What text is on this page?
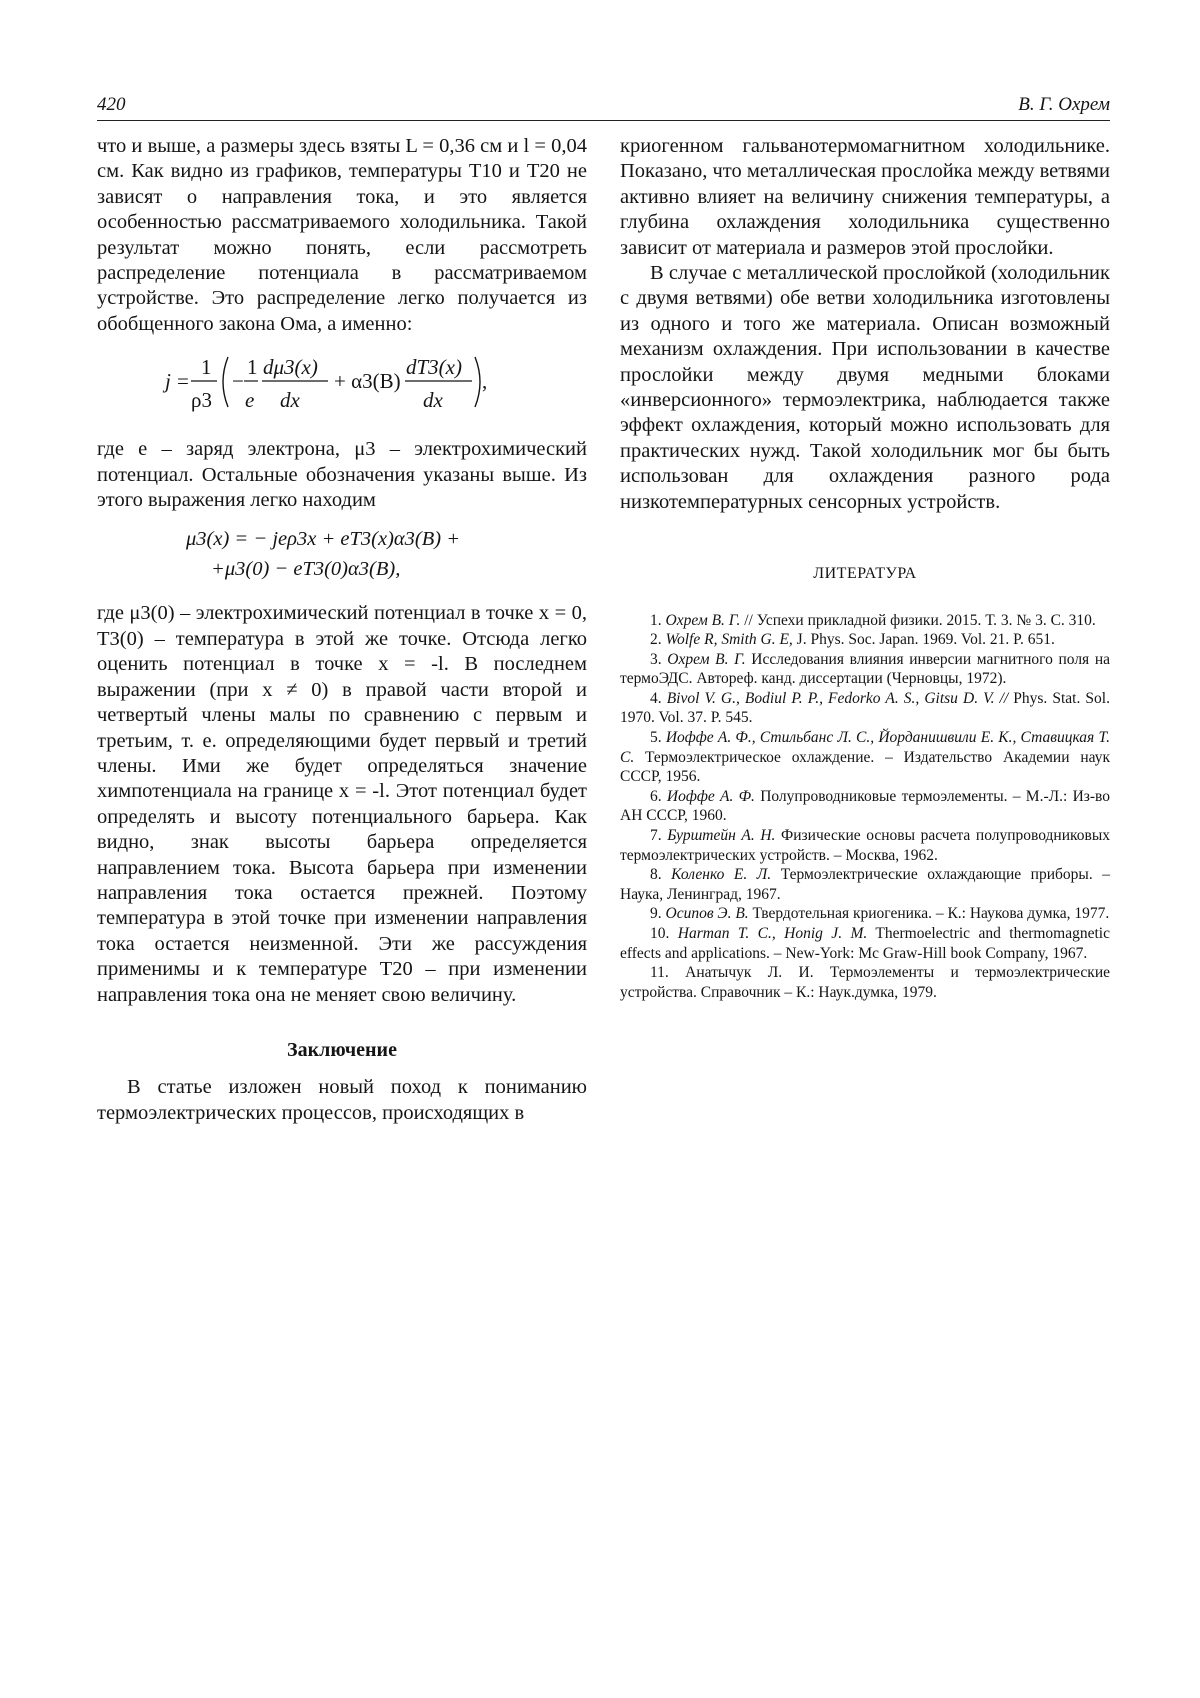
420	В. Г. Охрем

что и выше, а размеры здесь взяты L = 0,36 см и l = 0,04 см. Как видно из графиков, температуры T10 и T20 не зависят о направления тока, и это является особенностью рассматриваемого холодильника. Такой результат можно понять, если рассмотреть распределение потенциала в рассматриваемом устройстве. Это распределение легко получается из обобщенного закона Ома, а именно:

j =
1
ρ3
−
1
e
dμ3(x)
dx
+ α3(B)
dT3(x)
dx
,

где e – заряд электрона, μ3 – электрохимический потенциал. Остальные обозначения указаны выше. Из этого выражения легко находим

μ3(x) = − jeρ3x + eT3(x)α3(B) +
+μ3(0) − eT3(0)α3(B),

где μ3(0) – электрохимический потенциал в точке x = 0, T3(0) – температура в этой же точке. Отсюда легко оценить потенциал в точке x = -l. В последнем выражении (при x ≠ 0) в правой части второй и четвертый члены малы по сравнению с первым и третьим, т. е. определяющими будет первый и третий члены. Ими же будет определяться значение химпотенциала на границе x = -l. Этот потенциал будет определять и высоту потенциального барьера. Как видно, знак высоты барьера определяется направлением тока. Высота барьера при изменении направления тока остается прежней. Поэтому температура в этой точке при изменении направления тока остается неизменной. Эти же рассуждения применимы и к температуре T20 – при изменении направления тока она не меняет свою величину.

Заключение

В статье изложен новый поход к пониманию термоэлектрических процессов, происходящих в

криогенном гальванотермомагнитном холодильнике. Показано, что металлическая прослойка между ветвями активно влияет на величину снижения температуры, а глубина охлаждения холодильника существенно зависит от материала и размеров этой прослойки.

В случае с металлической прослойкой (холодильник с двумя ветвями) обе ветви холодильника изготовлены из одного и того же материала. Описан возможный механизм охлаждения. При использовании в качестве прослойки между двумя медными блоками «инверсионного» термоэлектрика, наблюдается также эффект охлаждения, который можно использовать для практических нужд. Такой холодильник мог бы быть использован для охлаждения разного рода низкотемпературных сенсорных устройств.

ЛИТЕРАТУРА

1. Охрем В. Г. // Успехи прикладной физики. 2015. Т. 3. № 3. С. 310.

2. Wolfe R, Smith G. E, J. Phys. Soc. Japan. 1969. Vol. 21. P. 651.

3. Охрем В. Г. Исследования влияния инверсии магнитного поля на термоЭДС. Автореф. канд. диссертации (Черновцы, 1972).

4. Bivol V. G., Bodiul P. P., Fedorko A. S., Gitsu D. V. // Phys. Stat. Sol. 1970. Vol. 37. P. 545.

5. Иоффе А. Ф., Стильбанс Л. С., Йорданишвили Е. К., Ставицкая Т. С. Термоэлектрическое охлаждение. – Издательство Академии наук СССР, 1956.

6. Иоффе А. Ф. Полупроводниковые термоэлементы. – М.-Л.: Из-во АН СССР, 1960.

7. Бурштейн А. Н. Физические основы расчета полупроводниковых термоэлектрических устройств. – Москва, 1962.

8. Коленко Е. Л. Термоэлектрические охлаждающие приборы. – Наука, Ленинград, 1967.

9. Осипов Э. В. Твердотельная криогеника. – К.: Наукова думка, 1977.

10. Harman T. C., Honig J. M. Thermoelectric and thermomagnetic effects and applications. – New-York: Mc Graw-Hill book Company, 1967.

11. Анатычук Л. И. Термоэлементы и термоэлектрические устройства. Справочник – К.: Наук.думка, 1979.
